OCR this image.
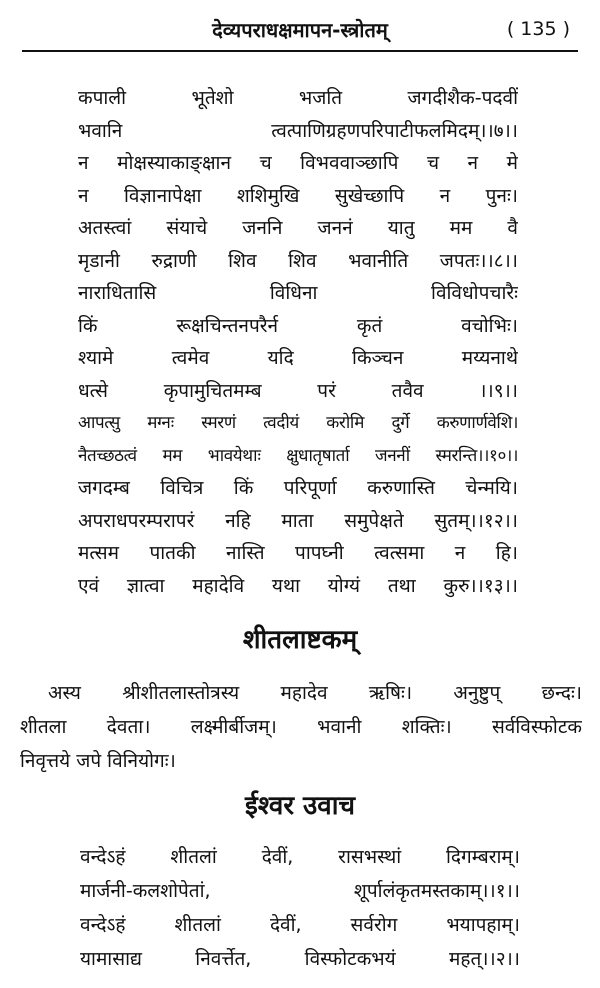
देव्यपराधक्षमापन-स्त्रोतम्	( 135 )
कपाली भूतेशो भजति जगदीशैक-पदवीं
भवानि त्वत्पाणिग्रहणपरिपाटीफलमिदम्।।७।।
न मोक्षस्याकाङ्क्षान च विभववाञ्छापि च न मे
न विज्ञानापेक्षा शशिमुखि सुखेच्छापि न पुनः।
अतस्त्वां संयाचे जननि जननं यातु मम वै
मृडानी रुद्राणी शिव शिव भवानीति जपतः।।८।।
नाराधितासि विधिना विविधोपचारैः
किं रूक्षचिन्तनपरैर्न कृतं वचोभिः।
श्यामे त्वमेव यदि किञ्चन मय्यनाथे
धत्से कृपामुचितमम्ब परं तवैव ।।९।।
आपत्सु मग्नः स्मरणं त्वदीयं करोमि दुर्गे करुणार्णवेशि।
नैतच्छठत्वं मम भावयेथाः क्षुधातृषार्ता जननीं स्मरन्ति।।१०।।
जगदम्ब विचित्र किं परिपूर्णा करुणास्ति चेन्मयि।
अपराधपरम्परापरं नहि माता समुपेक्षते सुतम्।।१२।।
मत्सम पातकी नास्ति पापघ्नी त्वत्समा न हि।
एवं ज्ञात्वा महादेवि यथा योग्यं तथा कुरु।।१३।।
शीतलाष्टकम्
अस्य श्रीशीतलास्तोत्रस्य महादेव ऋषिः। अनुष्टुप् छन्दः।
शीतला देवता। लक्ष्मीर्बीजम्। भवानी शक्तिः। सर्वविस्फोटक
निवृत्तये जपे विनियोगः।
ईश्वर उवाच
वन्देऽहं शीतलां देवीं, रासभस्थां दिगम्बराम्।
मार्जनी-कलशोपेतां, शूर्पालंकृतमस्तकाम्।।१।।
वन्देऽहं शीतलां देवीं, सर्वरोग भयापहाम्।
यामासाद्य निवर्त्तेत, विस्फोटकभयं महत्।।२।।
